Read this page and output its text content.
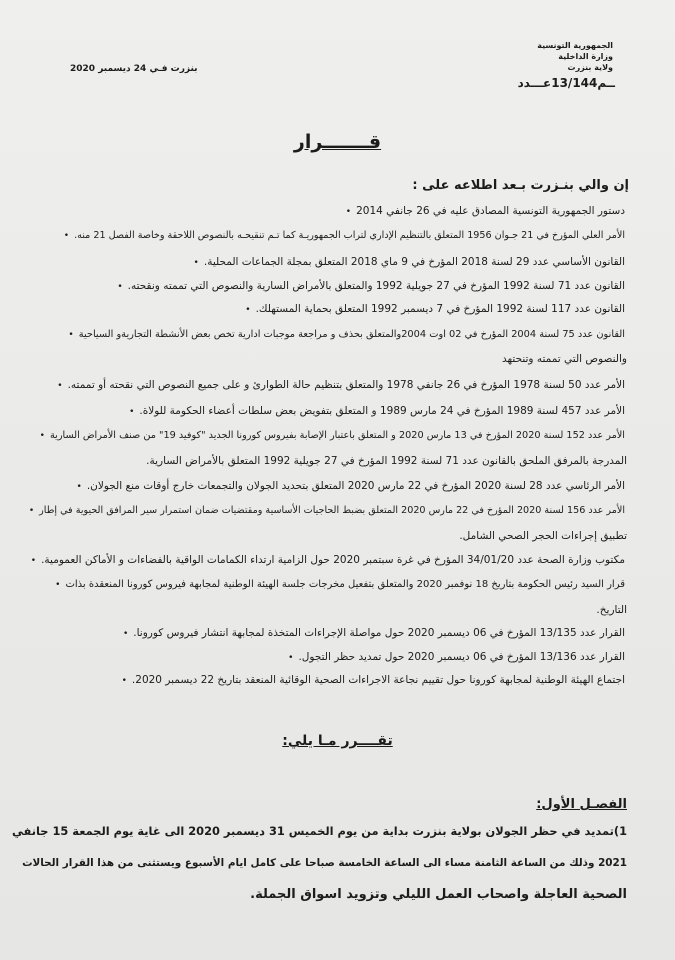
الجمهورية التونسية
وزارة الداخلية
ولاية بنزرت
ــم13/144عـــدد
بنزرت فـي 24 ديسمبر 2020
قـــــــرار
إن والي بنـزرت بـعد اطلاعه على :
دستور الجمهورية التونسية المصادق عليه في 26 جانفي 2014 •
الأمر العلي المؤرخ في 21 جـوان 1956 المتعلق بالتنظيم الإداري لتراب الجمهوريـة كما تـم تنقيحـه بالنصوص اللاحقة وخاصة الفصل 21 منه. •
القانون الأساسي عدد 29 لسنة 2018 المؤرخ في 9 ماي 2018 المتعلق بمجلة الجماعات المحلية. •
القانون عدد 71 لسنة 1992 المؤرخ في 27 جويلية 1992 والمتعلق بالأمراض السارية والنصوص التي تممته ونقحته. •
القانون عدد 117 لسنة 1992 المؤرخ في 7 ديسمبر 1992 المتعلق بحماية المستهلك. •
القانون عدد 75 لسنة 2004 المؤرخ في 02 اوت 2004والمتعلق بحذف و مراجعة موجبات ادارية تخص بعض الأنشطة التجاريةو السياحية •
والنصوص التي تممته وتنحتهد
الأمر عدد 50 لسنة 1978 المؤرخ في 26 جانفي 1978 والمتعلق بتنظيم حالة الطوارئ و على جميع النصوص التي نقحته أو تممته. •
الأمر عدد 457 لسنة 1989 المؤرخ في 24 مارس 1989 و المتعلق بتفويض بعض سلطات أعضاء الحكومة للولاة. •
الأمر عدد 152 لسنة 2020 المؤرخ في 13 مارس 2020 و المتعلق باعتبار الإصابة بفيروس كورونا الجديد "كوفيد 19" من صنف الأمراض السارية •
المدرجة بالمرفق الملحق بالقانون عدد 71 لسنة 1992 المؤرخ في 27 جويلية 1992 المتعلق بالأمراض السارية.
الأمر الرئاسي عدد 28 لسنة 2020 المؤرخ في 22 مارس 2020 المتعلق بتحديد الجولان والتجمعات خارج أوقات منع الجولان. •
الأمر عدد 156 لسنة 2020 المؤرخ في 22 مارس 2020 المتعلق بضبط الحاجيات الأساسية ومقتضيات ضمان استمرار سير المرافق الحيوية في إطار •
تطبيق إجراءات الحجر الصحي الشامل.
مكتوب وزارة الصحة عدد 34/01/20 المؤرخ في غرة سبتمبر 2020 حول الزامية ارتداء الكمامات الواقية بالفضاءات و الأماكن العمومية. •
قرار السيد رئيس الحكومة بتاريخ 18 نوفمبر 2020 والمتعلق بتفعيل مخرجات جلسة الهيئة الوطنية لمجابهة فيروس كورونا المنعقدة بذات •
التاريخ.
القرار عدد 13/135 المؤرخ في 06 ديسمبر 2020 حول مواصلة الإجراءات المتخذة لمجابهة انتشار فيروس كورونا. •
القرار عدد 13/136 المؤرخ في 06 ديسمبر 2020 حول تمديد حظر التجول. •
اجتماع الهيئة الوطنية لمجابهة كورونا حول تقييم نجاعة الاجراءات الصحية الوقائية المنعقد بتاريخ 22 ديسمبر 2020. •
تقــــرر مـا يلي:
الفصـل الأول:
1)تمديد في حظر الجولان بولاية بنزرت بداية من يوم الخميس 31 ديسمبر 2020 الى غاية يوم الجمعة 15 جانفي
2021 وذلك من الساعة الثامنة مساء الى الساعة الخامسة صباحا على كامل ايام الأسبوع ويستثنى من هذا القرار الحالات
الصحية العاجلة واصحاب العمل الليلي وتزويد اسواق الجملة.
